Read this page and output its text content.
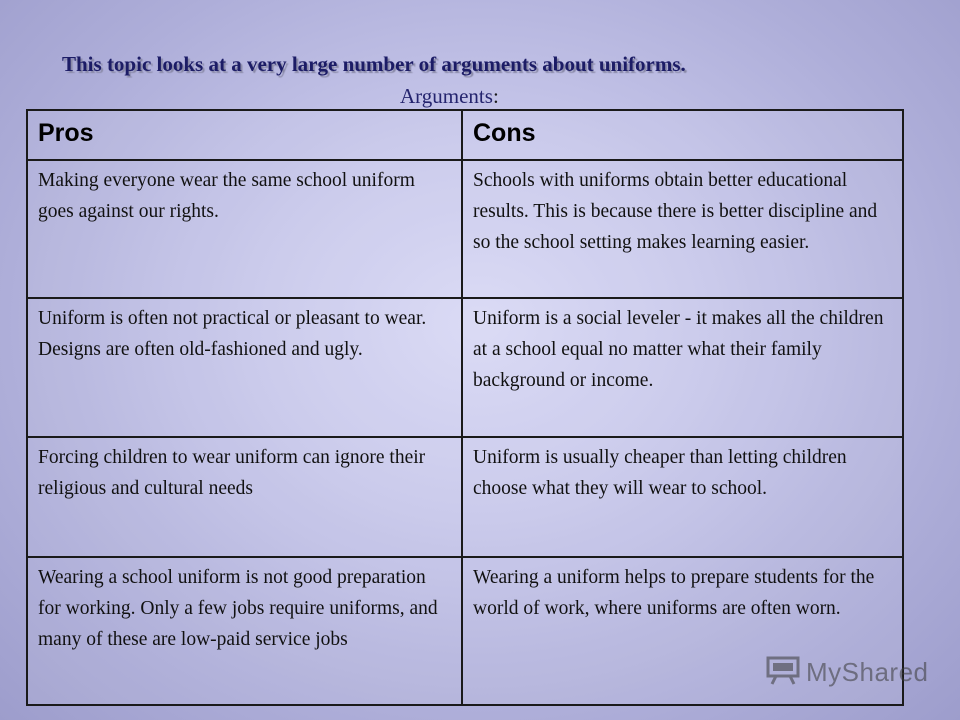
This topic looks at a very large number of arguments about uniforms.
Arguments:
Pros	Cons
Making everyone wear the same school uniform goes against our rights.	Schools with uniforms obtain better educational results. This is because there is better discipline and so the school setting makes learning easier.
Uniform is often not practical or pleasant to wear. Designs are often old-fashioned and ugly.	Uniform is a social leveler - it makes all the children at a school equal no matter what their family background or income.
Forcing children to wear uniform can ignore their religious and cultural needs	Uniform is usually cheaper than letting children choose what they will wear to school.
Wearing a school uniform is not good preparation for working. Only a few jobs require uniforms, and many of these are low-paid service jobs	Wearing a uniform helps to prepare students for the world of work, where uniforms are often worn.
MyShared
